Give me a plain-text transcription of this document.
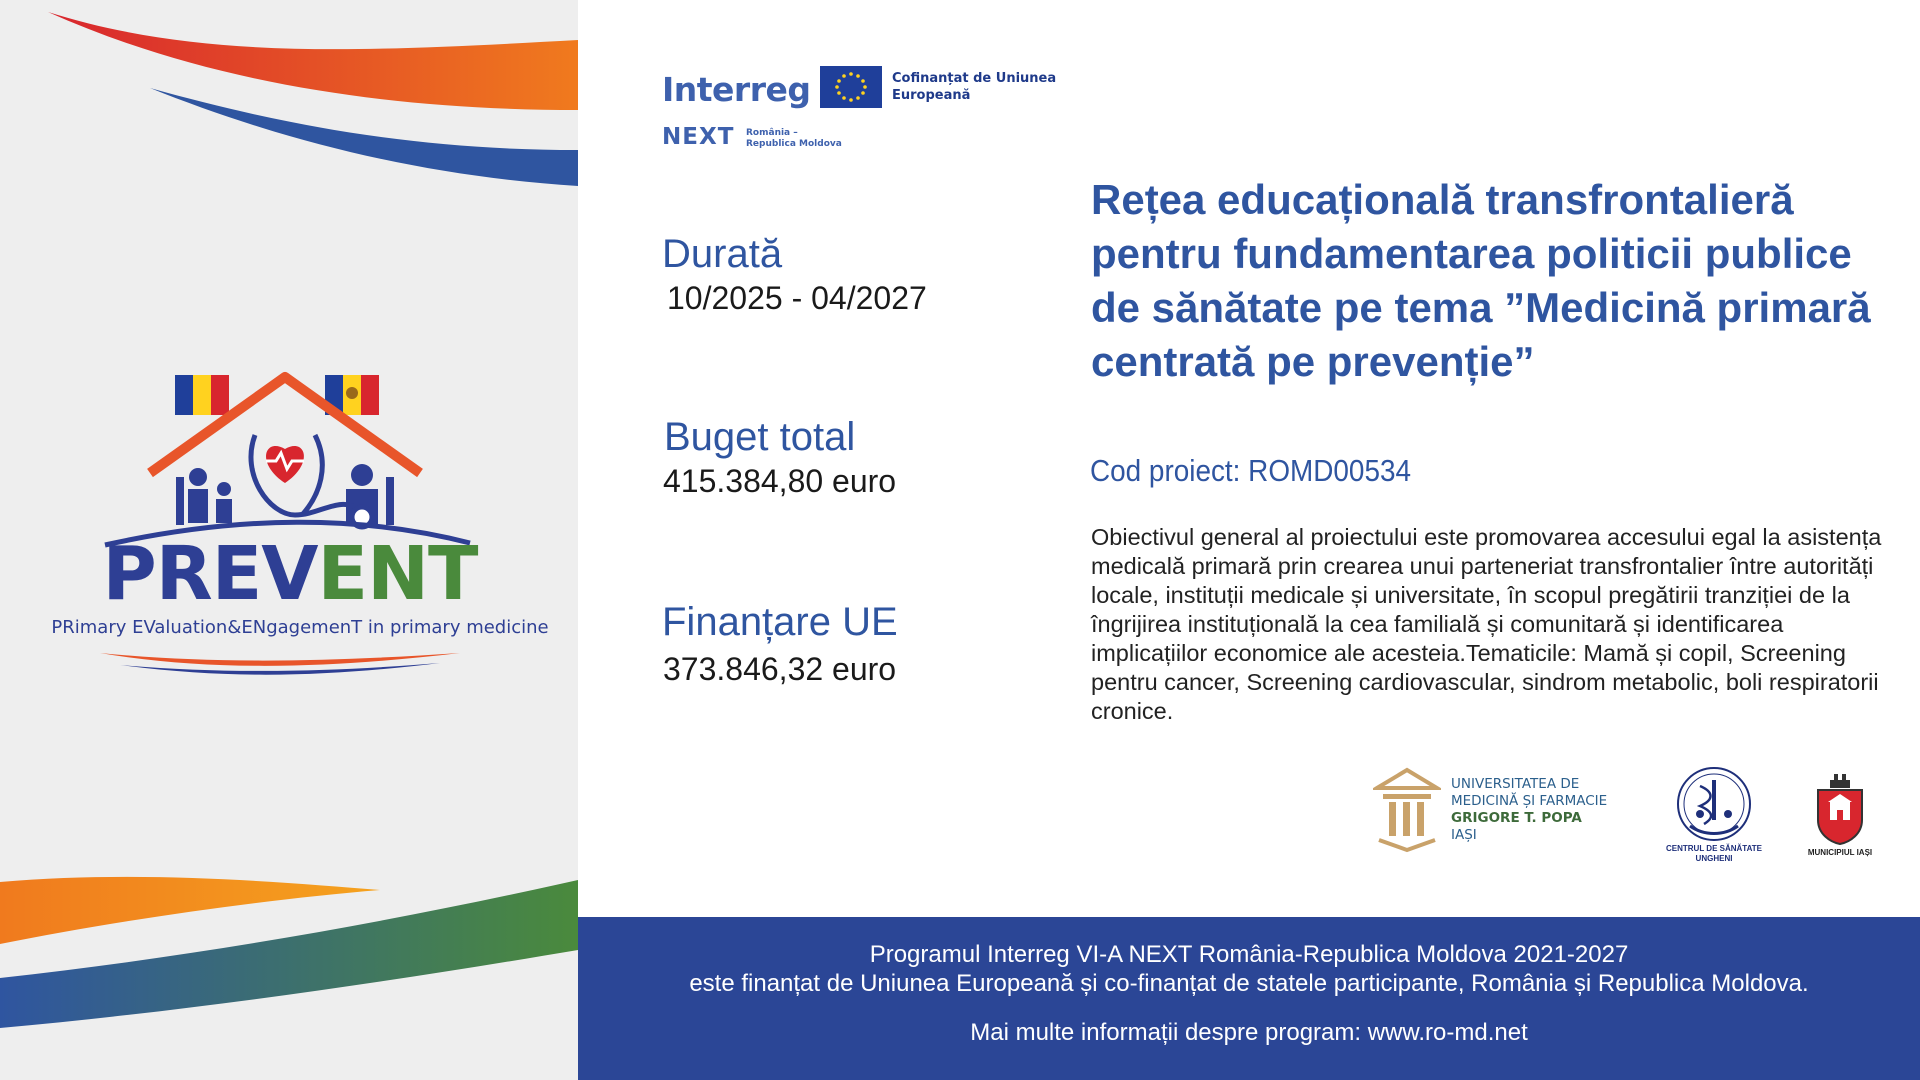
PREVENT
PRimary EValuation&ENgagemenT in primary medicine
Interreg	Cofinanțat de Uniunea Europeană
NEXT România – Republica Moldova
Durată
10/2025 - 04/2027
Buget total
415.384,80 euro
Finanțare UE
373.846,32 euro
Rețea educațională transfrontalieră pentru fundamentarea politicii publice de sănătate pe tema ”Medicină primară centrată pe prevenție”
Cod proiect: ROMD00534
Obiectivul general al proiectului este promovarea accesului egal la asistența medicală primară prin crearea unui parteneriat transfrontalier între autorități locale, instituții medicale și universitate, în scopul pregătirii tranziției de la îngrijirea instituțională la cea familială și comunitară și identificarea implicațiilor economice ale acesteia.Tematicile: Mamă și copil, Screening pentru cancer, Screening cardiovascular, sindrom metabolic, boli respiratorii cronice.
UNIVERSITATEA DE
MEDICINĂ ȘI FARMACIE
GRIGORE T. POPA
IAȘI
CENTRUL DE SĂNĂTATE
UNGHENI
MUNICIPIUL IAȘI
Programul Interreg VI-A NEXT România-Republica Moldova 2021-2027
este finanțat de Uniunea Europeană și co-finanțat de statele participante, România și Republica Moldova.
Mai multe informații despre program: www.ro-md.net
